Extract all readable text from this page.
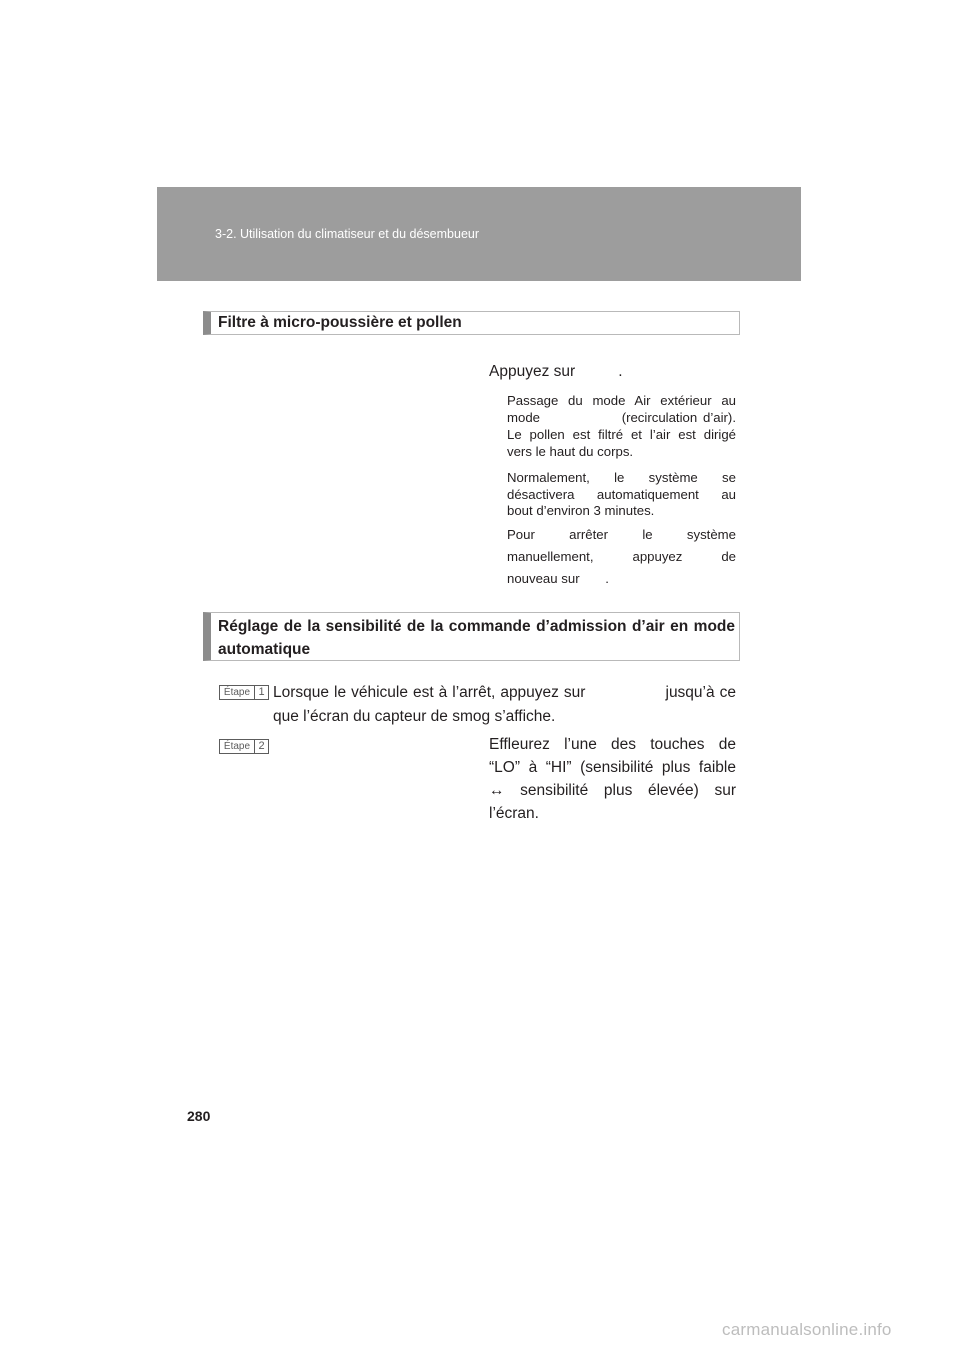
3-2. Utilisation du climatiseur et du désembueur
Filtre à micro-poussière et pollen
Appuyez sur          .
Passage du mode Air extérieur au
mode              (recirculation d’air).
Le pollen est filtré et l’air est dirigé
vers le haut du corps.
Normalement, le système se
désactivera automatiquement au
bout d’environ 3 minutes.
Pour arrêter le système
manuellement, appuyez de
nouveau sur       .
Réglage de la sensibilité de la commande d’admission d’air en mode automatique
Étape 1 Lorsque le véhicule est à l’arrêt, appuyez sur                jusqu’à ce
que l’écran du capteur de smog s’affiche.
Étape 2	Effleurez l’une des touches de
“LO” à “HI” (sensibilité plus faible
↔ sensibilité plus élevée) sur
l’écran.
280
carmanualsonline.info
